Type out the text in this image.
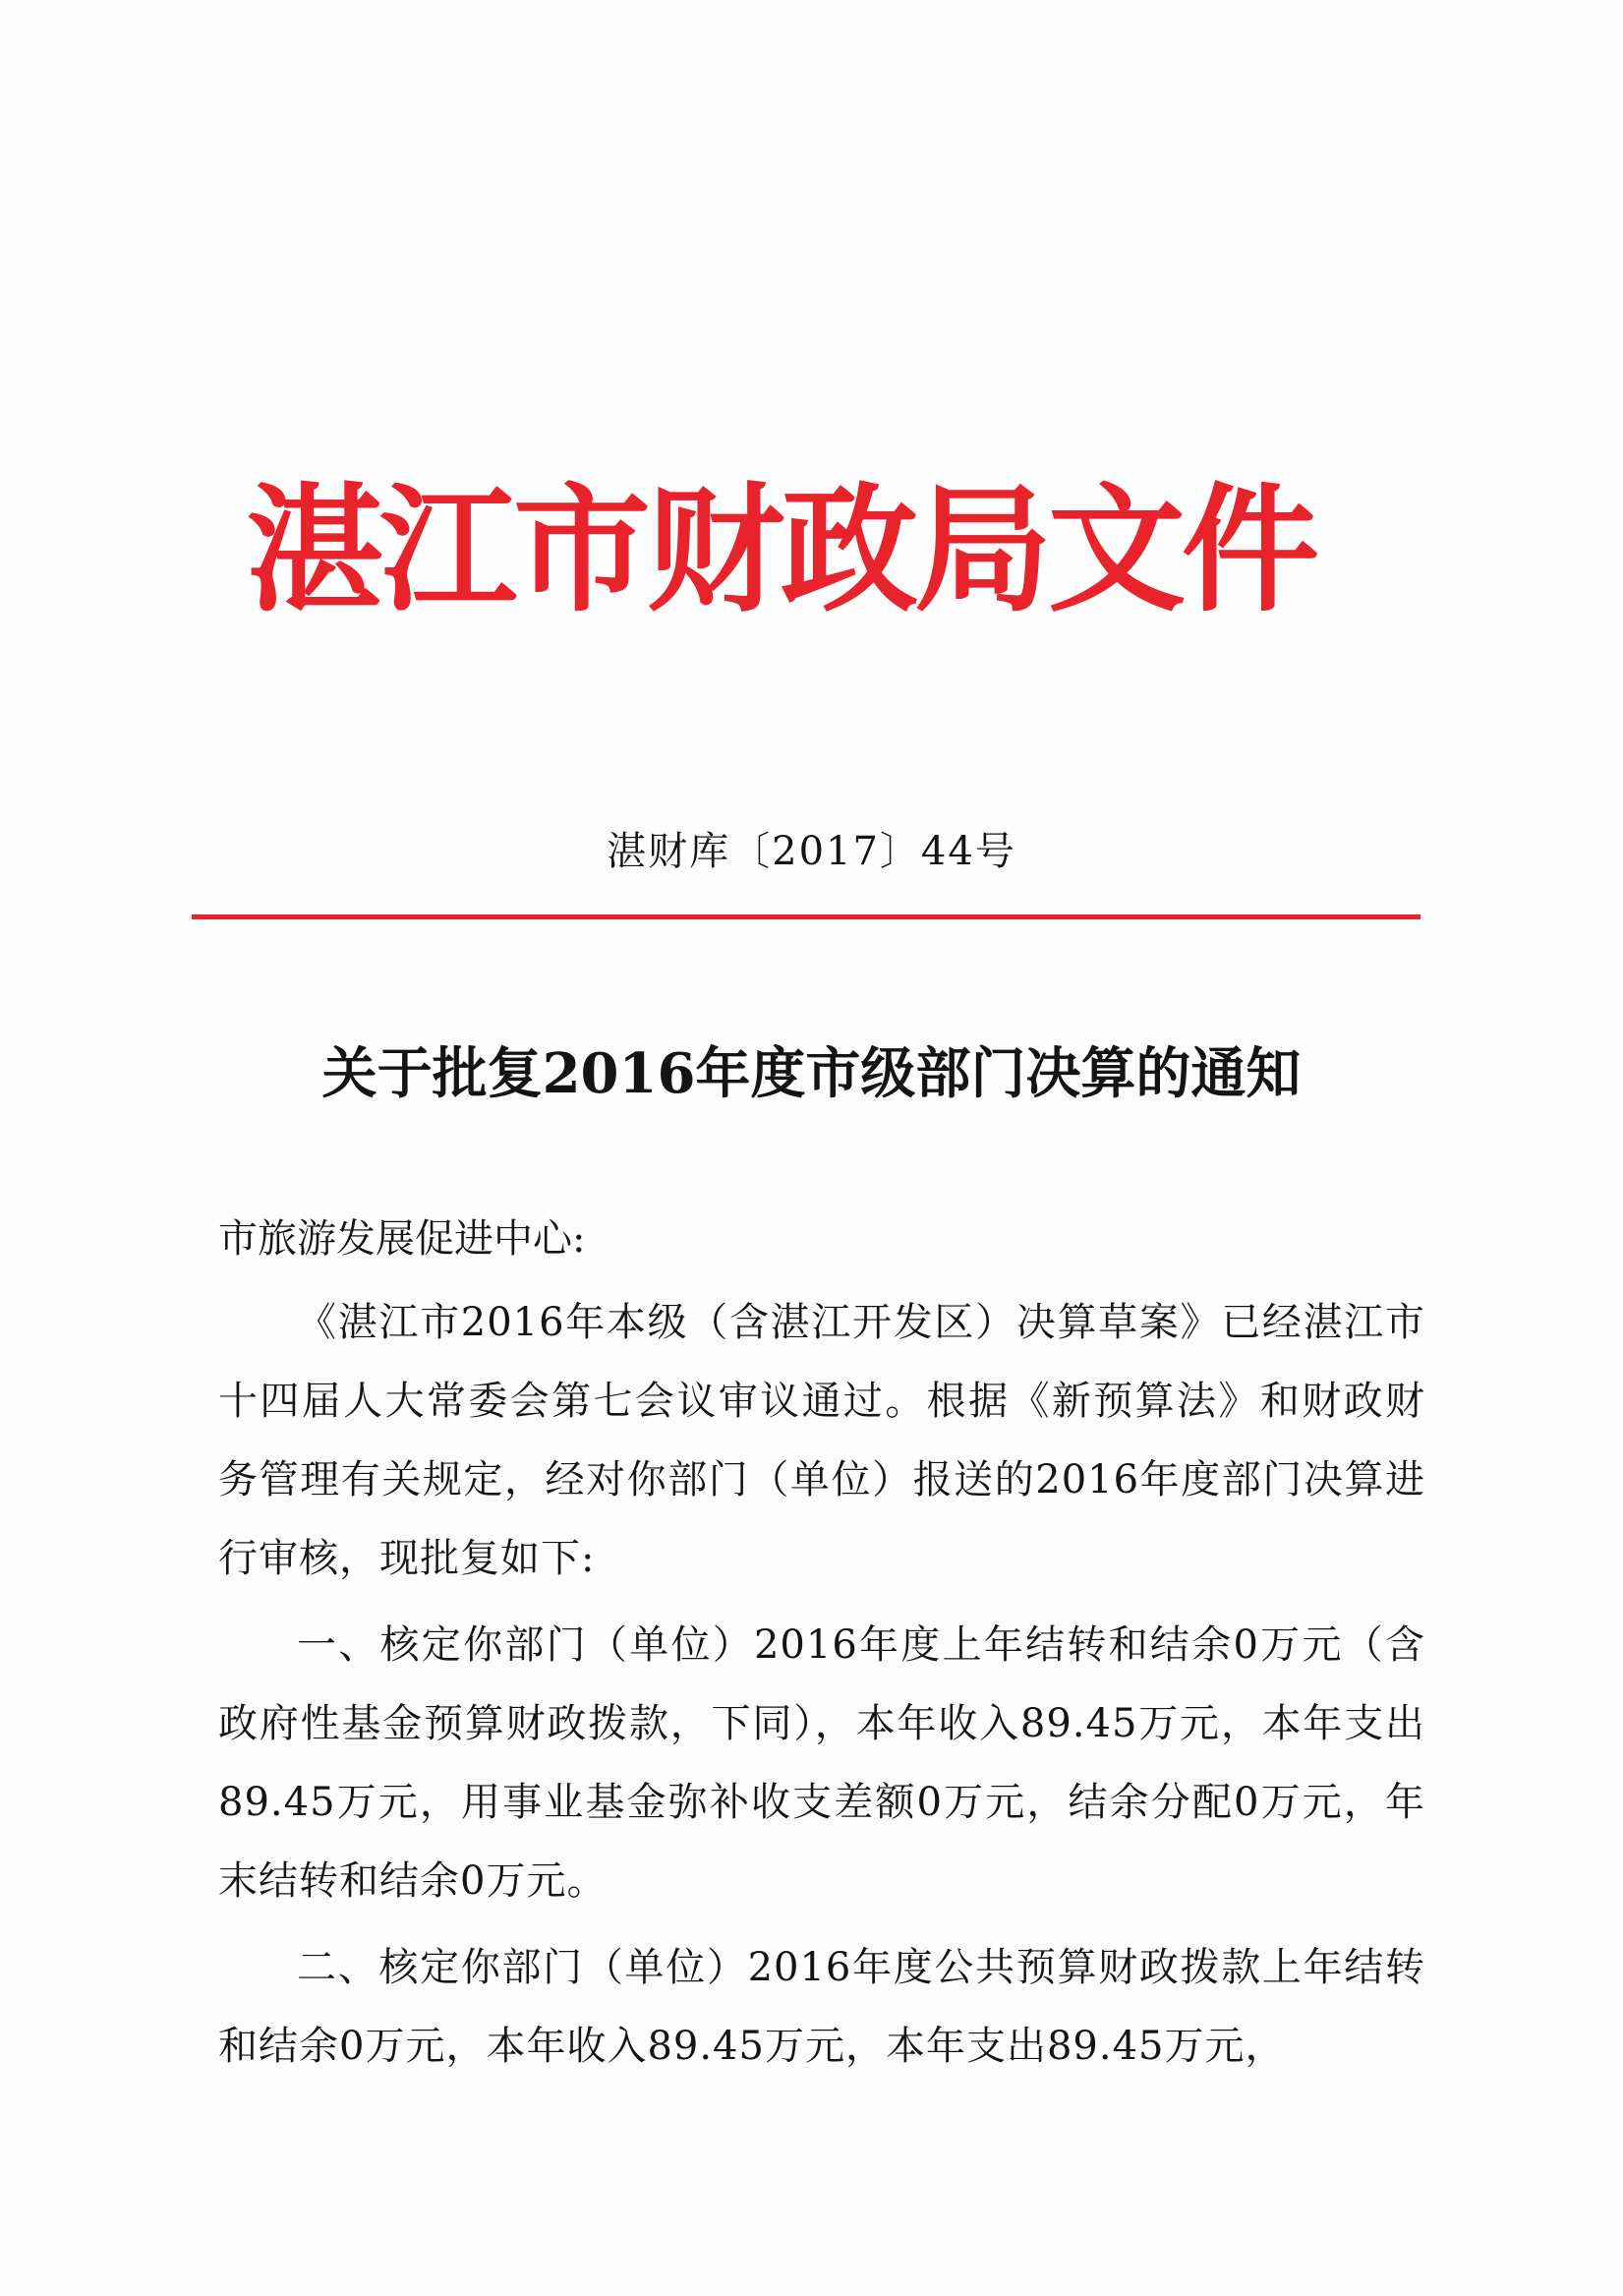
湛江市财政局文件
湛财库〔2017〕44号
关于批复2016年度市级部门决算的通知
市旅游发展促进中心:

《湛江市2016年本级（含湛江开发区）决算草案》已经湛江市十四届人大常委会第七会议审议通过。根据《新预算法》和财政财务管理有关规定，经对你部门（单位）报送的2016年度部门决算进行审核，现批复如下:

一、核定你部门（单位）2016年度上年结转和结余0万元（含政府性基金预算财政拨款，下同），本年收入89.45万元，本年支出89.45万元，用事业基金弥补收支差额0万元，结余分配0万元，年末结转和结余0万元。

二、核定你部门（单位）2016年度公共预算财政拨款上年结转和结余0万元，本年收入89.45万元，本年支出89.45万元，
